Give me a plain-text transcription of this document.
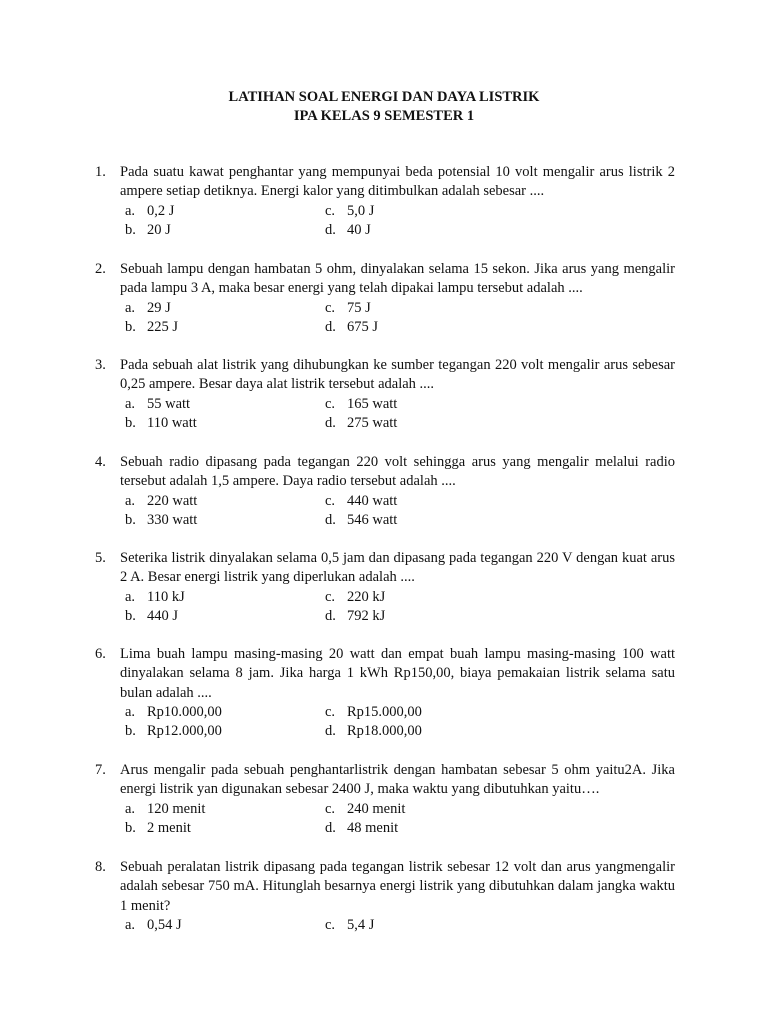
LATIHAN SOAL ENERGI DAN DAYA LISTRIK
IPA KELAS 9 SEMESTER 1
1. Pada suatu kawat penghantar yang mempunyai beda potensial 10 volt mengalir arus listrik 2 ampere setiap detiknya. Energi kalor yang ditimbulkan adalah sebesar ....
a. 0,2 J	c. 5,0 J
b. 20 J	d. 40 J
2. Sebuah lampu dengan hambatan 5 ohm, dinyalakan selama 15 sekon. Jika arus yang mengalir pada lampu 3 A, maka besar energi yang telah dipakai lampu tersebut adalah ....
a. 29 J	c. 75 J
b. 225 J	d. 675 J
3. Pada sebuah alat listrik yang dihubungkan ke sumber tegangan 220 volt mengalir arus sebesar 0,25 ampere. Besar daya alat listrik tersebut adalah ....
a. 55 watt	c. 165 watt
b. 110 watt	d. 275 watt
4. Sebuah radio dipasang pada tegangan 220 volt sehingga arus yang mengalir melalui radio tersebut adalah 1,5 ampere. Daya radio tersebut adalah ....
a. 220 watt	c. 440 watt
b. 330 watt	d. 546 watt
5. Seterika listrik dinyalakan selama 0,5 jam dan dipasang pada tegangan 220 V dengan kuat arus 2 A. Besar energi listrik yang diperlukan adalah ....
a. 110 kJ	c. 220 kJ
b. 440 J	d. 792 kJ
6. Lima buah lampu masing-masing 20 watt dan empat buah lampu masing-masing 100 watt dinyalakan selama 8 jam. Jika harga 1 kWh Rp150,00, biaya pemakaian listrik selama satu bulan adalah ....
a. Rp10.000,00	c. Rp15.000,00
b. Rp12.000,00	d. Rp18.000,00
7. Arus mengalir pada sebuah penghantarlistrik dengan hambatan sebesar 5 ohm yaitu2A. Jika energi listrik yan digunakan sebesar 2400 J, maka waktu yang dibutuhkan yaitu….
a. 120 menit	c. 240 menit
b. 2 menit	d. 48 menit
8. Sebuah peralatan listrik dipasang pada tegangan listrik sebesar 12 volt dan arus yangmengalir adalah sebesar 750 mA. Hitunglah besarnya energi listrik yang dibutuhkan dalam jangka waktu 1 menit?
a. 0,54 J	c. 5,4 J
